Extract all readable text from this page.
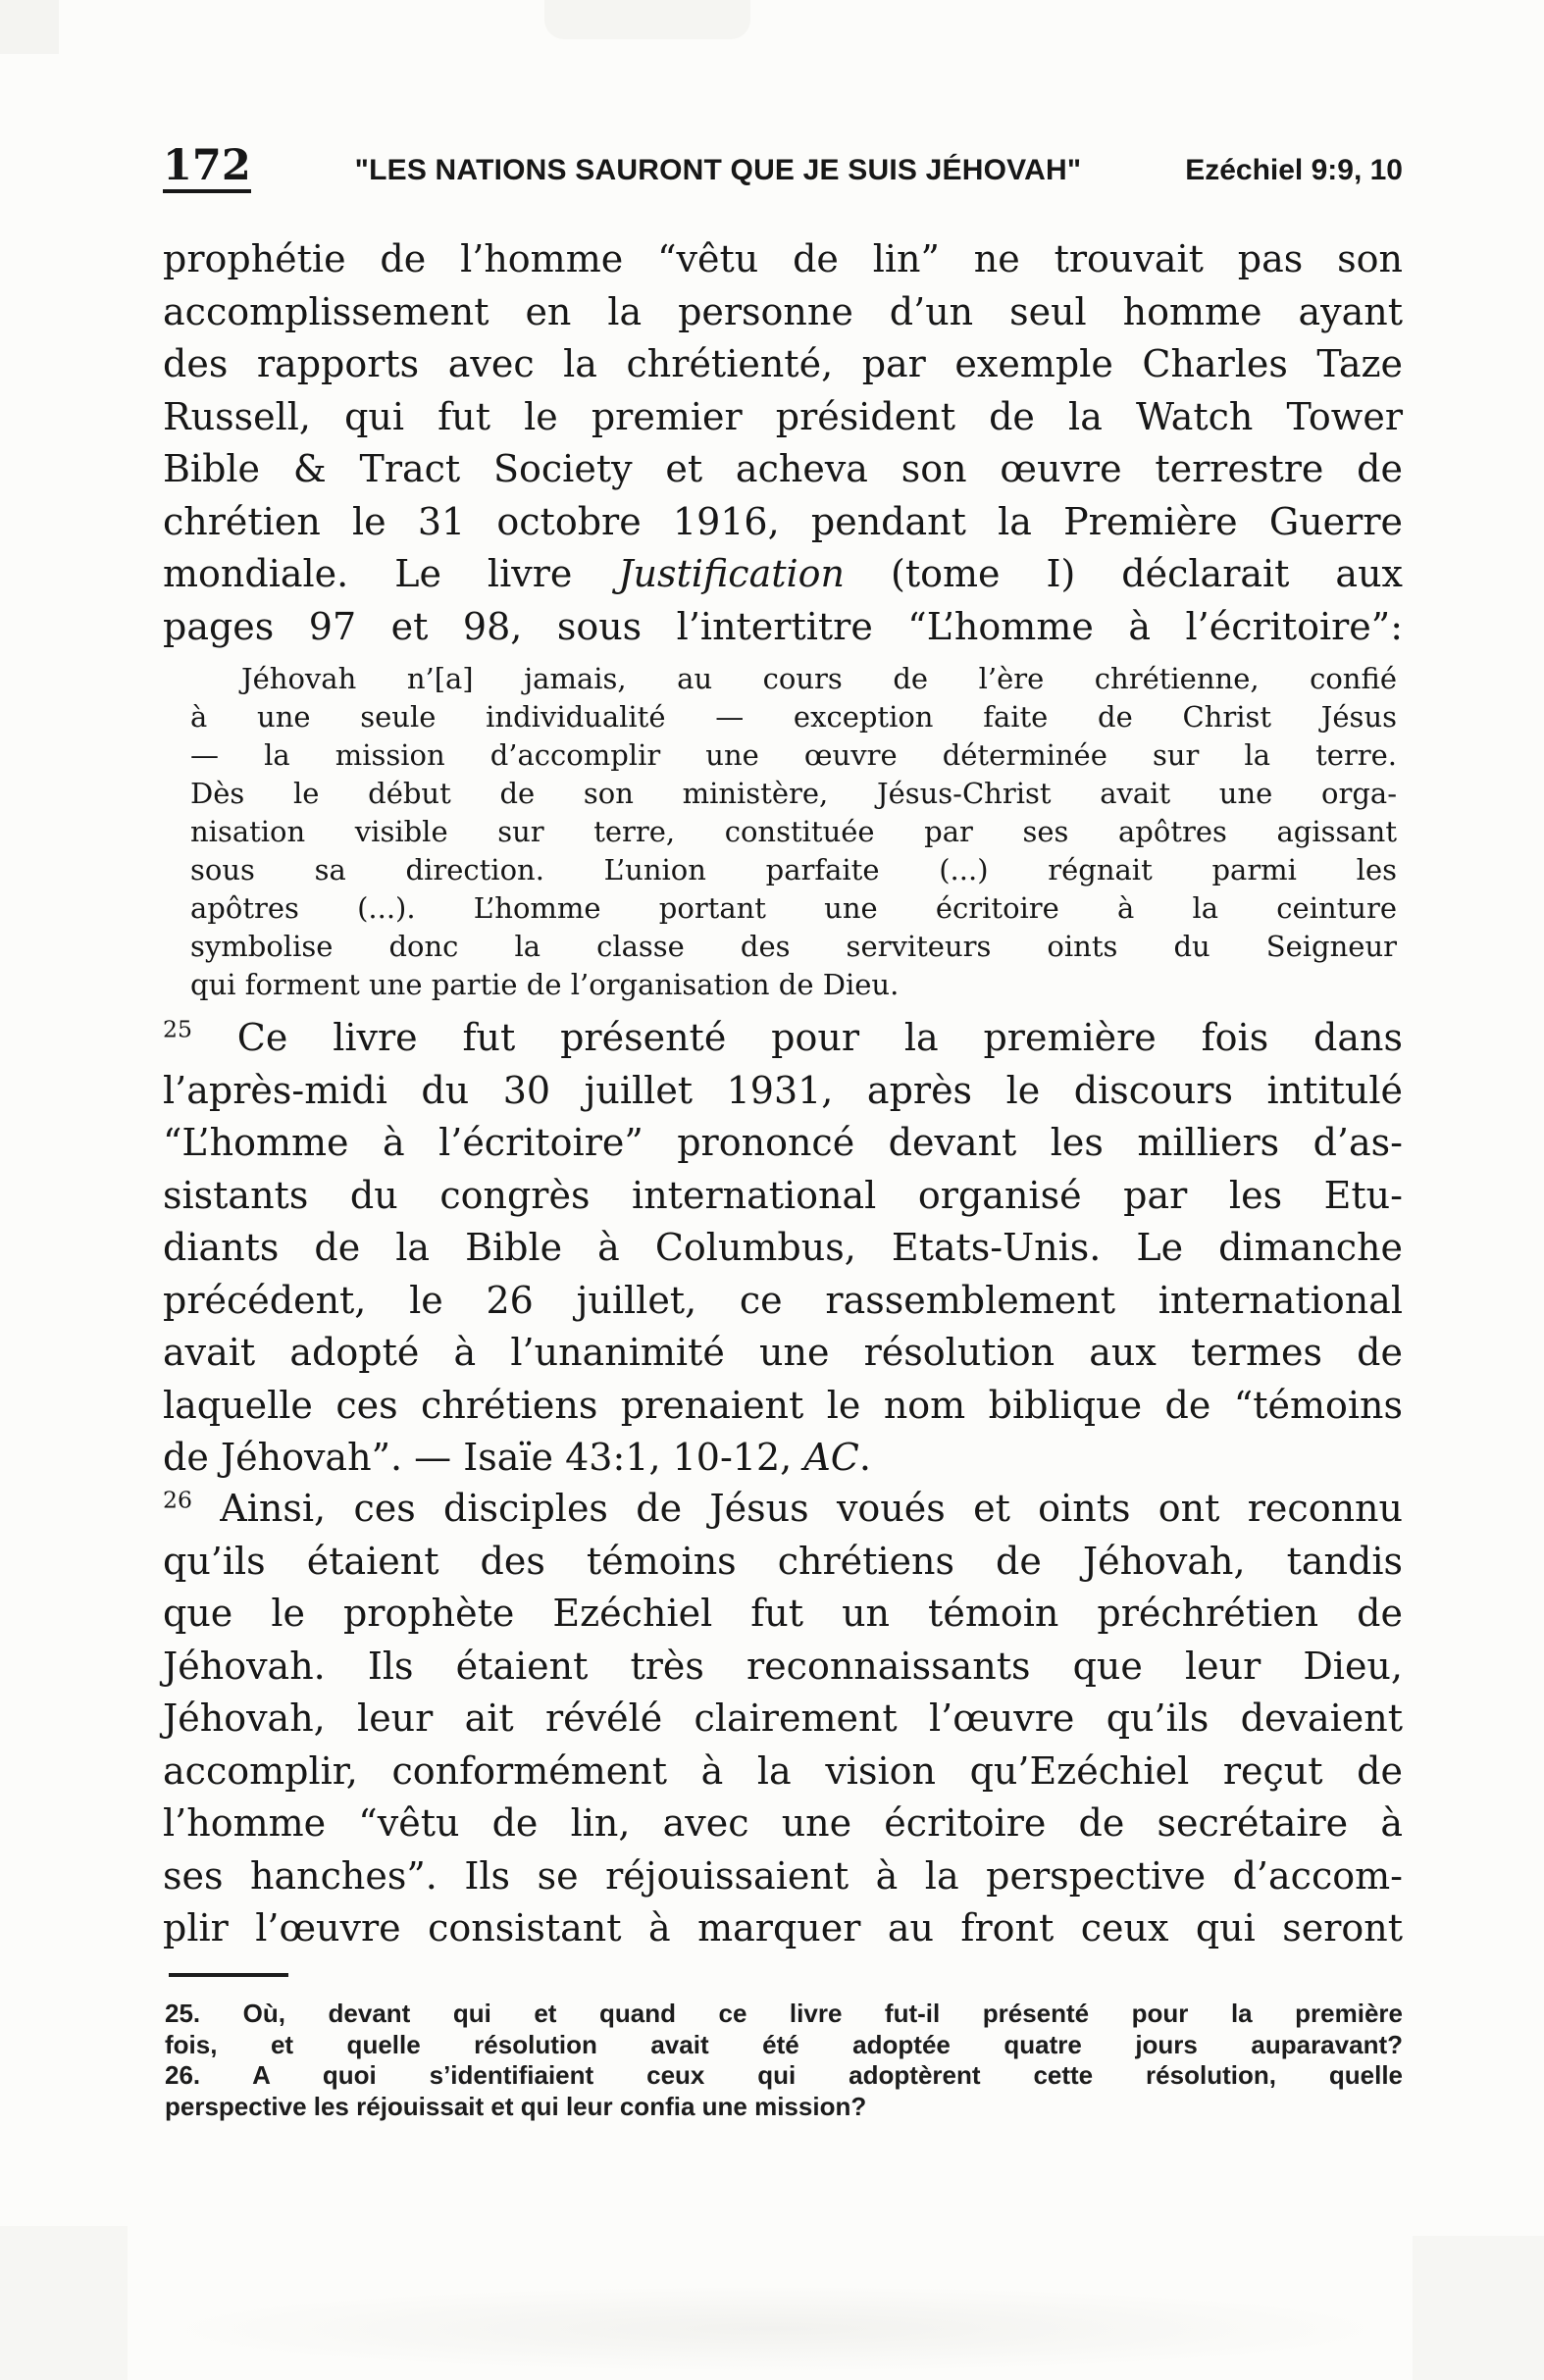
172	"LES NATIONS SAURONT QUE JE SUIS JÉHOVAH"	Ezéchiel 9:9, 10
prophétie de l’homme “vêtu de lin” ne trouvait pas son
accomplissement en la personne d’un seul homme ayant
des rapports avec la chrétienté, par exemple Charles Taze
Russell, qui fut le premier président de la Watch Tower
Bible & Tract Society et acheva son œuvre terrestre de
chrétien le 31 octobre 1916, pendant la Première Guerre
mondiale. Le livre Justification (tome I) déclarait aux
pages 97 et 98, sous l’intertitre “L’homme à l’écritoire”:
Jéhovah n’[a] jamais, au cours de l’ère chrétienne, confié
à une seule individualité — exception faite de Christ Jésus
— la mission d’accomplir une œuvre déterminée sur la terre.
Dès le début de son ministère, Jésus-Christ avait une orga-
nisation visible sur terre, constituée par ses apôtres agissant
sous sa direction. L’union parfaite (...) régnait parmi les
apôtres (...). L’homme portant une écritoire à la ceinture
symbolise donc la classe des serviteurs oints du Seigneur
qui forment une partie de l’organisation de Dieu.
$^{25}$ Ce livre fut présenté pour la première fois dans
l’après-midi du 30 juillet 1931, après le discours intitulé
“L’homme à l’écritoire” prononcé devant les milliers d’as-
sistants du congrès international organisé par les Etu-
diants de la Bible à Columbus, Etats-Unis. Le dimanche
précédent, le 26 juillet, ce rassemblement international
avait adopté à l’unanimité une résolution aux termes de
laquelle ces chrétiens prenaient le nom biblique de “témoins
de Jéhovah”. — Isaïe 43:1, 10-12, AC.
$^{26}$ Ainsi, ces disciples de Jésus voués et oints ont reconnu
qu’ils étaient des témoins chrétiens de Jéhovah, tandis
que le prophète Ezéchiel fut un témoin préchrétien de
Jéhovah. Ils étaient très reconnaissants que leur Dieu,
Jéhovah, leur ait révélé clairement l’œuvre qu’ils devaient
accomplir, conformément à la vision qu’Ezéchiel reçut de
l’homme “vêtu de lin, avec une écritoire de secrétaire à
ses hanches”. Ils se réjouissaient à la perspective d’accom-
plir l’œuvre consistant à marquer au front ceux qui seront
25. Où, devant qui et quand ce livre fut-il présenté pour la première
fois, et quelle résolution avait été adoptée quatre jours auparavant?
26. A quoi s’identifiaient ceux qui adoptèrent cette résolution, quelle
perspective les réjouissait et qui leur confia une mission?
